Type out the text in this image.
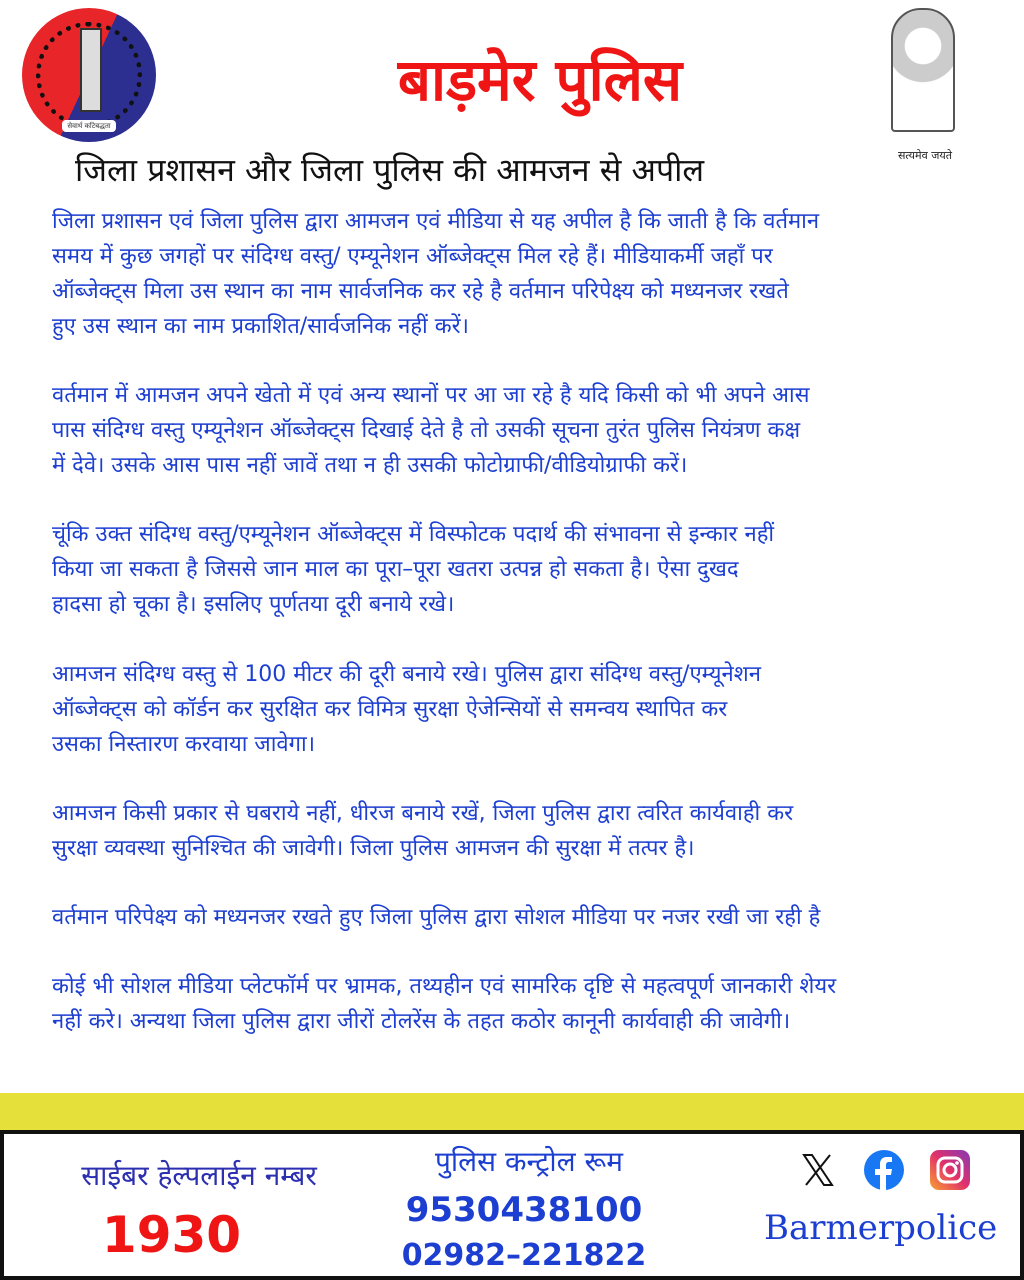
सेवार्थ कटिबद्धता
बाड़मेर पुलिस
सत्यमेव जयते
जिला प्रशासन और जिला पुलिस की आमजन से अपील
जिला प्रशासन एवं जिला पुलिस द्वारा आमजन एवं मीडिया से यह अपील है कि जाती है कि वर्तमान
समय में कुछ जगहों पर संदिग्ध वस्तु/ एम्यूनेशन ऑब्जेक्ट्स मिल रहे हैं। मीडियाकर्मी जहाँ पर
ऑब्जेक्ट्स मिला उस स्थान का नाम सार्वजनिक कर रहे है वर्तमान परिपेक्ष्य को मध्यनजर रखते
हुए उस स्थान का नाम प्रकाशित/सार्वजनिक नहीं करें।
वर्तमान में आमजन अपने खेतो में एवं अन्य स्थानों पर आ जा रहे है यदि किसी को भी अपने आस
पास संदिग्ध वस्तु एम्यूनेशन ऑब्जेक्ट्स दिखाई देते है तो उसकी सूचना तुरंत पुलिस नियंत्रण कक्ष
में देवे। उसके आस पास नहीं जावें तथा न ही उसकी फोटोग्राफी/वीडियोग्राफी करें।
चूंकि उक्त संदिग्ध वस्तु/एम्यूनेशन ऑब्जेक्ट्स में विस्फोटक पदार्थ की संभावना से इन्कार नहीं
किया जा सकता है जिससे जान माल का पूरा–पूरा खतरा उत्पन्न हो सकता है। ऐसा दुखद
हादसा हो चूका है। इसलिए पूर्णतया दूरी बनाये रखे।
आमजन संदिग्ध वस्तु से 100 मीटर की दूरी बनाये रखे। पुलिस द्वारा संदिग्ध वस्तु/एम्यूनेशन
ऑब्जेक्ट्स को कॉर्डन कर सुरक्षित कर विमित्र सुरक्षा ऐजेन्सियों से समन्वय स्थापित कर
उसका निस्तारण करवाया जावेगा।
आमजन किसी प्रकार से घबराये नहीं, धीरज बनाये रखें, जिला पुलिस द्वारा त्वरित कार्यवाही कर
सुरक्षा व्यवस्था सुनिश्चित की जावेगी। जिला पुलिस आमजन की सुरक्षा में तत्पर है।
वर्तमान परिपेक्ष्य को मध्यनजर रखते हुए जिला पुलिस द्वारा सोशल मीडिया पर नजर रखी जा रही है
कोई भी सोशल मीडिया प्लेटफॉर्म पर भ्रामक, तथ्यहीन एवं सामरिक दृष्टि से महत्वपूर्ण जानकारी शेयर
नहीं करे। अन्यथा जिला पुलिस द्वारा जीरों टोलरेंस के तहत कठोर कानूनी कार्यवाही की जावेगी।
साईबर हेल्पलाईन नम्बर
1930
पुलिस कन्ट्रोल रूम
9530438100
02982–221822
Barmerpolice
